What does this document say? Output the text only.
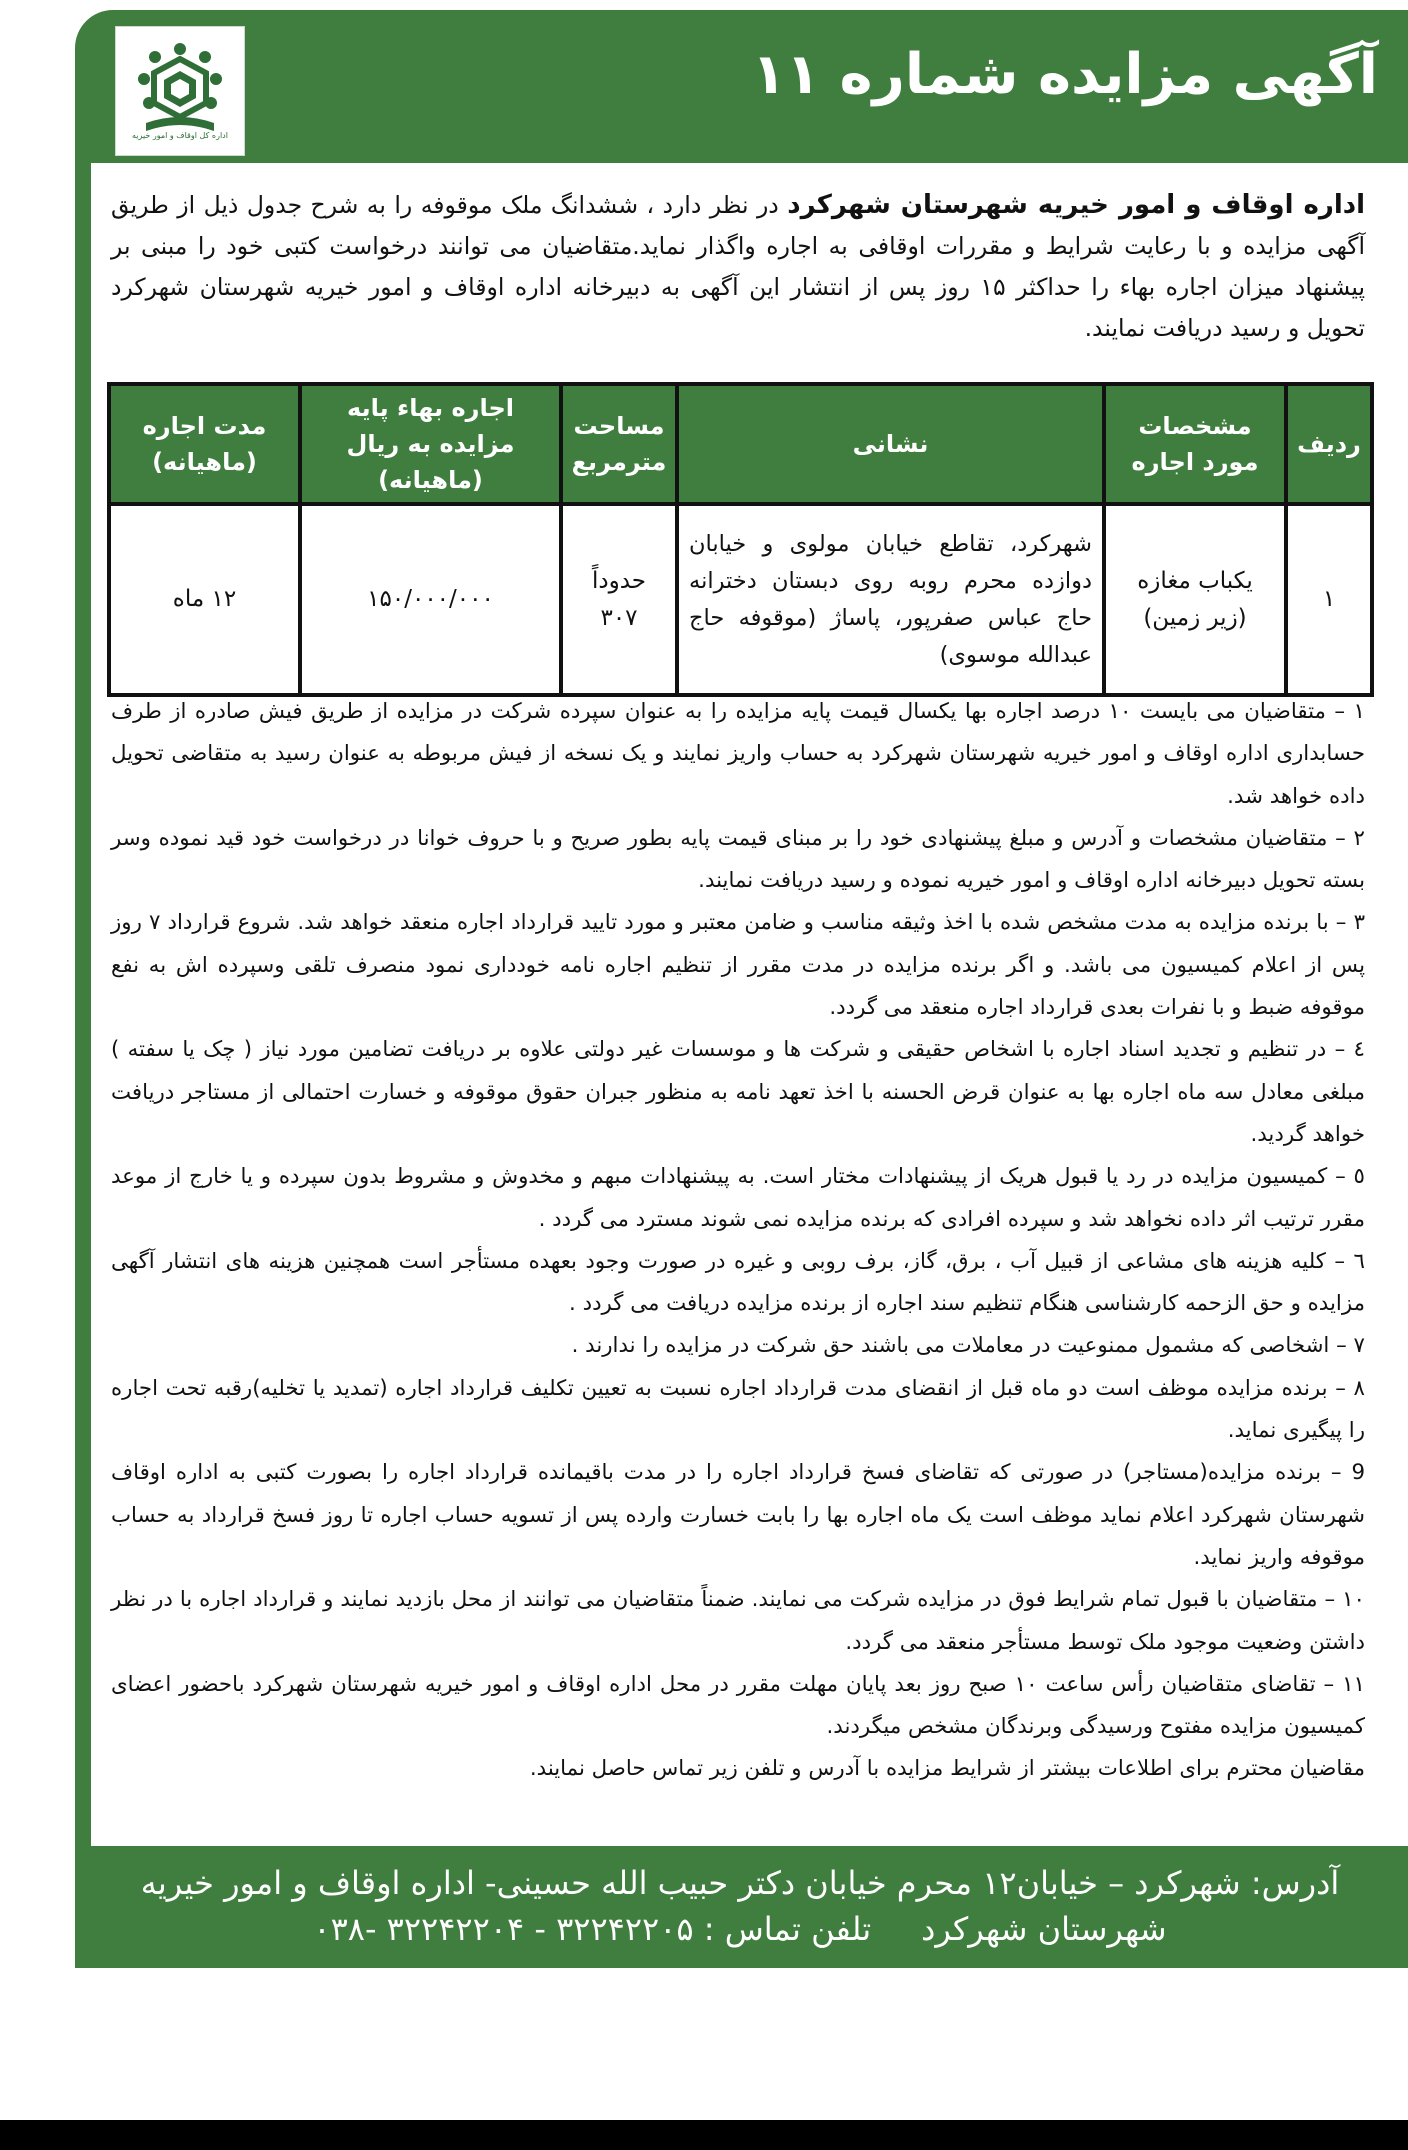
آگهی مزایده شماره ۱۱
اداره کل اوقاف و امور خیریه

اداره اوقاف و امور خیریه شهرستان شهرکرد در نظر دارد ، ششدانگ ملک موقوفه را به شرح جدول ذیل از طریق آگهی مزایده و با رعایت شرایط و مقررات اوقافی به اجاره واگذار نماید.متقاضیان می توانند درخواست کتبی خود را مبنی بر پیشنهاد میزان اجاره بهاء را حداکثر ۱۵ روز پس از انتشار این آگهی به دبیرخانه اداره اوقاف و امور خیریه شهرستان شهرکرد تحویل و رسید دریافت نمایند.

ردیف	مشخصات مورد اجاره	نشانی	مساحت مترمربع	اجاره بهاء پایه مزایده به ریال (ماهیانه)	مدت اجاره (ماهیانه)
۱	یکباب مغازه (زیر زمین)	شهرکرد، تقاطع خیابان مولوی و خیابان دوازده محرم روبه روی دبستان دخترانه حاج عباس صفرپور، پاساژ (موقوفه حاج عبدالله موسوی)	حدوداً ۳۰۷	۱۵۰/۰۰۰/۰۰۰	۱۲ ماه

۱ – متقاضیان می بایست ۱۰ درصد اجاره بها یکسال قیمت پایه مزایده را به عنوان سپرده شرکت در مزایده از طریق فیش صادره از طرف حسابداری اداره اوقاف و امور خیریه شهرستان شهرکرد به حساب واریز نمایند و یک نسخه از فیش مربوطه به عنوان رسید به متقاضی تحویل داده خواهد شد.

۲ – متقاضیان مشخصات و آدرس و مبلغ پیشنهادی خود را بر مبنای قیمت پایه بطور صریح و با حروف خوانا در درخواست خود قید نموده وسر بسته تحویل دبیرخانه اداره اوقاف و امور خیریه نموده و رسید دریافت نمایند.

۳ – با برنده مزایده به مدت مشخص شده با اخذ وثیقه مناسب و ضامن معتبر و مورد تایید قرارداد اجاره منعقد خواهد شد. شروع قرارداد ۷ روز پس از اعلام کمیسیون می باشد. و اگر برنده مزایده در مدت مقرر از تنظیم اجاره نامه خودداری نمود منصرف تلقی وسپرده اش به نفع موقوفه ضبط و با نفرات بعدی قرارداد اجاره منعقد می گردد.

٤ – در تنظیم و تجدید اسناد اجاره با اشخاص حقیقی و شرکت ها و موسسات غیر دولتی علاوه بر دریافت تضامین مورد نیاز ( چک یا سفته ) مبلغی معادل سه ماه اجاره بها به عنوان قرض الحسنه با اخذ تعهد نامه به منظور جبران حقوق موقوفه و خسارت احتمالی از مستاجر دریافت خواهد گردید.

٥ – کمیسیون مزایده در رد یا قبول هریک از پیشنهادات مختار است. به پیشنهادات مبهم و مخدوش و مشروط بدون سپرده و یا خارج از موعد مقرر ترتیب اثر داده نخواهد شد و سپرده افرادی که برنده مزایده نمی شوند مسترد می گردد .

٦ – کلیه هزینه های مشاعی از قبیل آب ، برق، گاز، برف روبی و غیره در صورت وجود بعهده مستأجر است همچنین هزینه های انتشار آگهی مزایده و حق الزحمه کارشناسی هنگام تنظیم سند اجاره از برنده مزایده دریافت می گردد .

۷ – اشخاصی که مشمول ممنوعیت در معاملات می باشند حق شرکت در مزایده را ندارند .

۸ – برنده مزایده موظف است دو ماه قبل از انقضای مدت قرارداد اجاره نسبت به تعیین تکلیف قرارداد اجاره (تمدید یا تخلیه)رقبه تحت اجاره را پیگیری نماید.

9 – برنده مزایده(مستاجر) در صورتی که تقاضای فسخ قرارداد اجاره را در مدت باقیمانده قرارداد اجاره را بصورت کتبی به اداره اوقاف شهرستان شهرکرد اعلام نماید موظف است یک ماه اجاره بها را بابت خسارت وارده پس از تسویه حساب اجاره تا روز فسخ قرارداد به حساب موقوفه واریز نماید.

۱۰ – متقاضیان با قبول تمام شرایط فوق در مزایده شرکت می نمایند. ضمناً متقاضیان می توانند از محل بازدید نمایند و قرارداد اجاره با در نظر داشتن وضعیت موجود ملک توسط مستأجر منعقد می گردد.

۱۱ – تقاضای متقاضیان رأس ساعت ۱۰ صبح روز بعد پایان مهلت مقرر در محل اداره اوقاف و امور خیریه شهرستان شهرکرد باحضور اعضای کمیسیون مزایده مفتوح ورسیدگی وبرندگان مشخص میگردند.

مقاضیان محترم برای اطلاعات بیشتر از شرایط مزایده با آدرس و تلفن زیر تماس حاصل نمایند.

آدرس: شهرکرد – خیابان۱۲ محرم خیابان دکتر حبیب الله حسینی- اداره اوقاف و امور خیریه

شهرستان شهرکردتلفن تماس : ۳۲۲۴۲۲۰۵ - ۳۲۲۴۲۲۰۴ -۰۳۸
